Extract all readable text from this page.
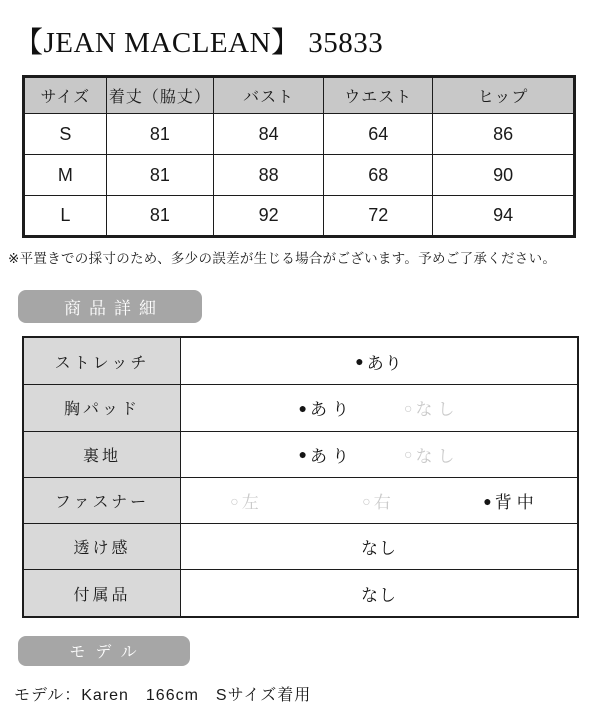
【JEAN MACLEAN】 35833
サイズ	着丈（脇丈）	バスト	ウエスト	ヒップ
S	81	84	64	86
M	81	88	68	90
L	81	92	72	94

※平置きでの採寸のため、多少の誤差が生じる場合がございます。予めご了承ください。

商品詳細
ストレッチ	● あり
胸パッド	● あり	○ なし
裏地	● あり	○ なし
ファスナー	○ 左	○ 右	● 背中
透け感	なし
付属品	なし
モデル

モデル：Karen　166cm　Sサイズ着用
